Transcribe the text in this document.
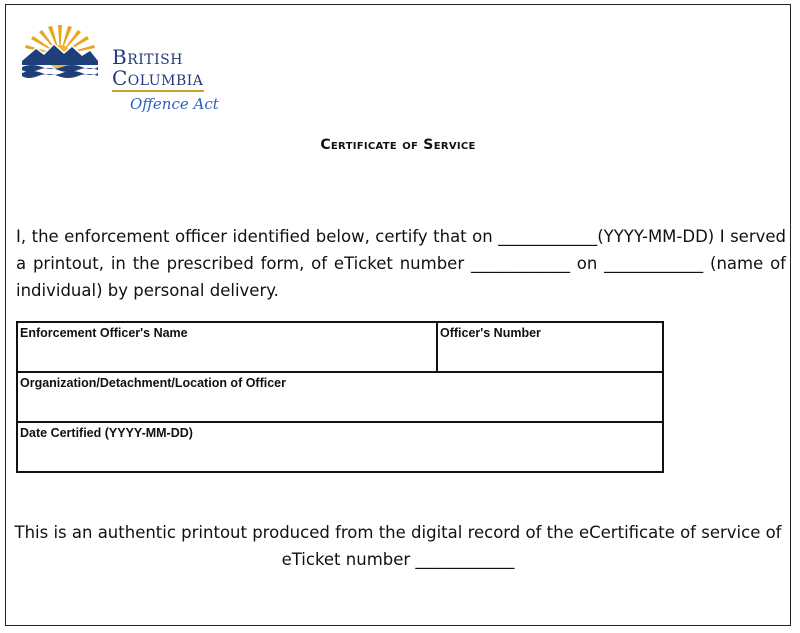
British
Columbia
Offence Act
Certificate of Service
I, the enforcement officer identified below, certify that on ____________(YYYY-MM-DD) I served a printout, in the prescribed form, of eTicket number ____________ on ____________ (name of individual) by personal delivery.
Enforcement Officer's Name	Officer's Number
Organization/Detachment/Location of Officer
Date Certified (YYYY-MM-DD)
This is an authentic printout produced from the digital record of the eCertificate of service of
eTicket number ____________
